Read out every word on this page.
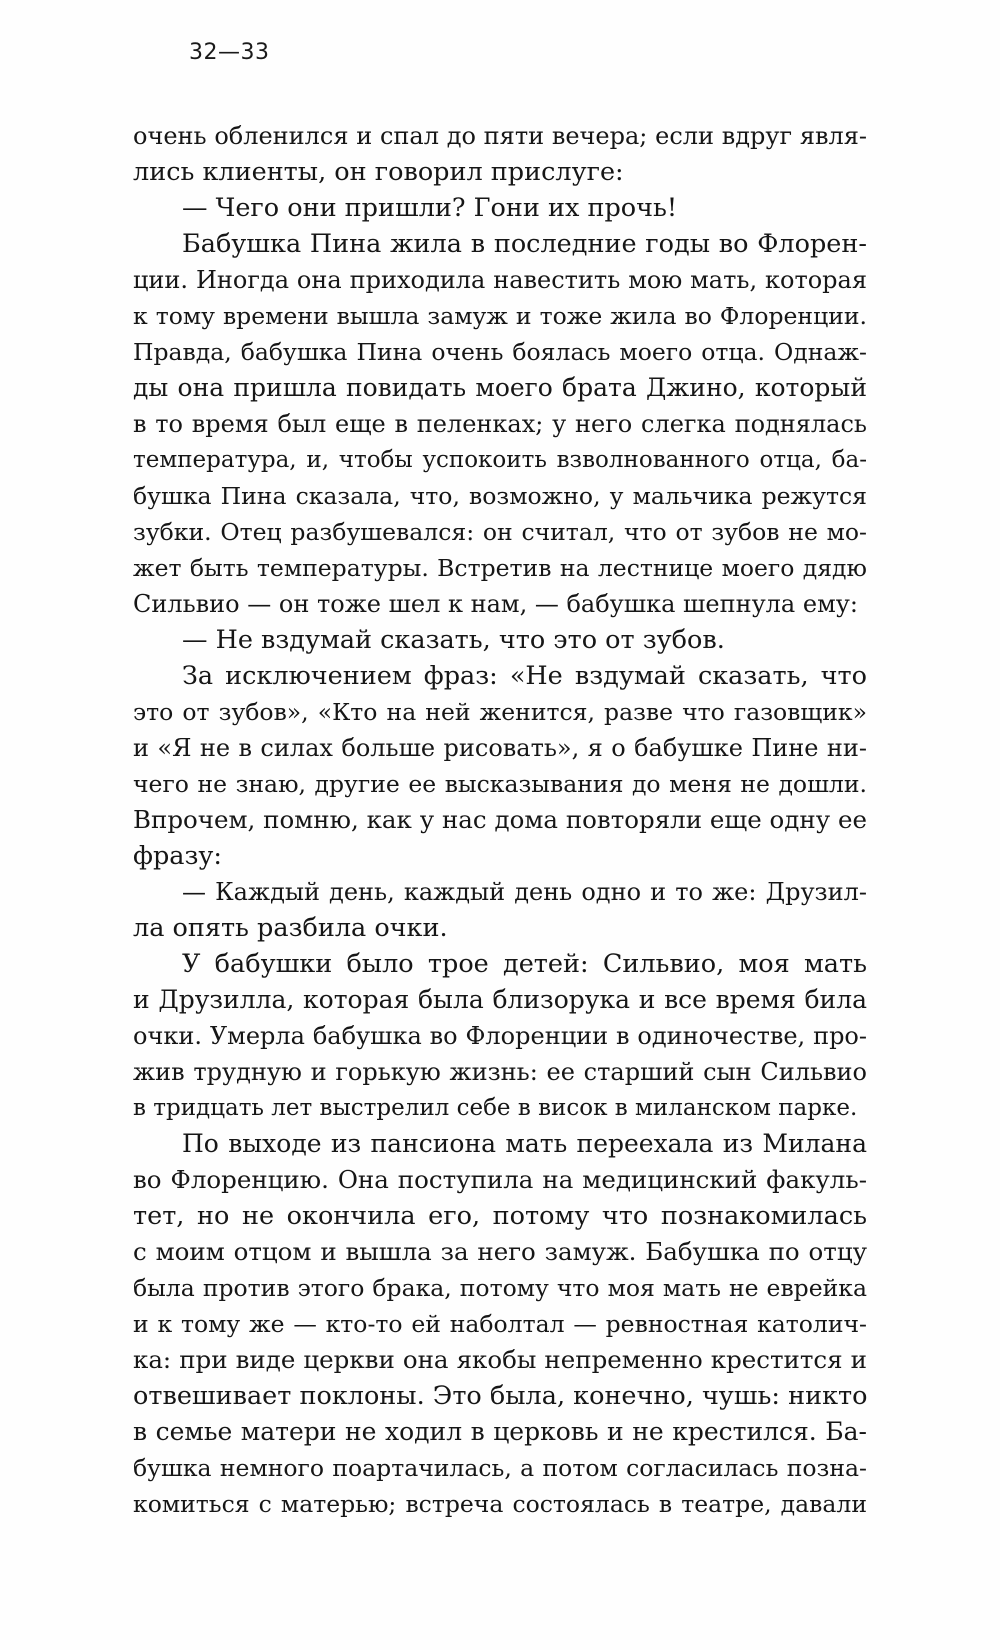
32—33
очень обленился и спал до пяти вечера; если вдруг явля-
лись клиенты, он говорил прислуге:
— Чего они пришли? Гони их прочь!
Бабушка Пина жила в последние годы во Флорен-
ции. Иногда она приходила навестить мою мать, которая
к тому времени вышла замуж и тоже жила во Флоренции.
Правда, бабушка Пина очень боялась моего отца. Однаж-
ды она пришла повидать моего брата Джино, который
в то время был еще в пеленках; у него слегка поднялась
температура, и, чтобы успокоить взволнованного отца, ба-
бушка Пина сказала, что, возможно, у мальчика режутся
зубки. Отец разбушевался: он считал, что от зубов не мо-
жет быть температуры. Встретив на лестнице моего дядю
Сильвио — он тоже шел к нам, — бабушка шепнула ему:
— Не вздумай сказать, что это от зубов.
За исключением фраз: «Не вздумай сказать, что
это от зубов», «Кто на ней женится, разве что газовщик»
и «Я не в силах больше рисовать», я о бабушке Пине ни-
чего не знаю, другие ее высказывания до меня не дошли.
Впрочем, помню, как у нас дома повторяли еще одну ее
фразу:
— Каждый день, каждый день одно и то же: Друзил-
ла опять разбила очки.
У бабушки было трое детей: Сильвио, моя мать
и Друзилла, которая была близорука и все время била
очки. Умерла бабушка во Флоренции в одиночестве, про-
жив трудную и горькую жизнь: ее старший сын Сильвио
в тридцать лет выстрелил себе в висок в миланском парке.
По выходе из пансиона мать переехала из Милана
во Флоренцию. Она поступила на медицинский факуль-
тет, но не окончила его, потому что познакомилась
с моим отцом и вышла за него замуж. Бабушка по отцу
была против этого брака, потому что моя мать не еврейка
и к тому же — кто-то ей наболтал — ревностная католич-
ка: при виде церкви она якобы непременно крестится и
отвешивает поклоны. Это была, конечно, чушь: никто
в семье матери не ходил в церковь и не крестился. Ба-
бушка немного поартачилась, а потом согласилась позна-
комиться с матерью; встреча состоялась в театре, давали
